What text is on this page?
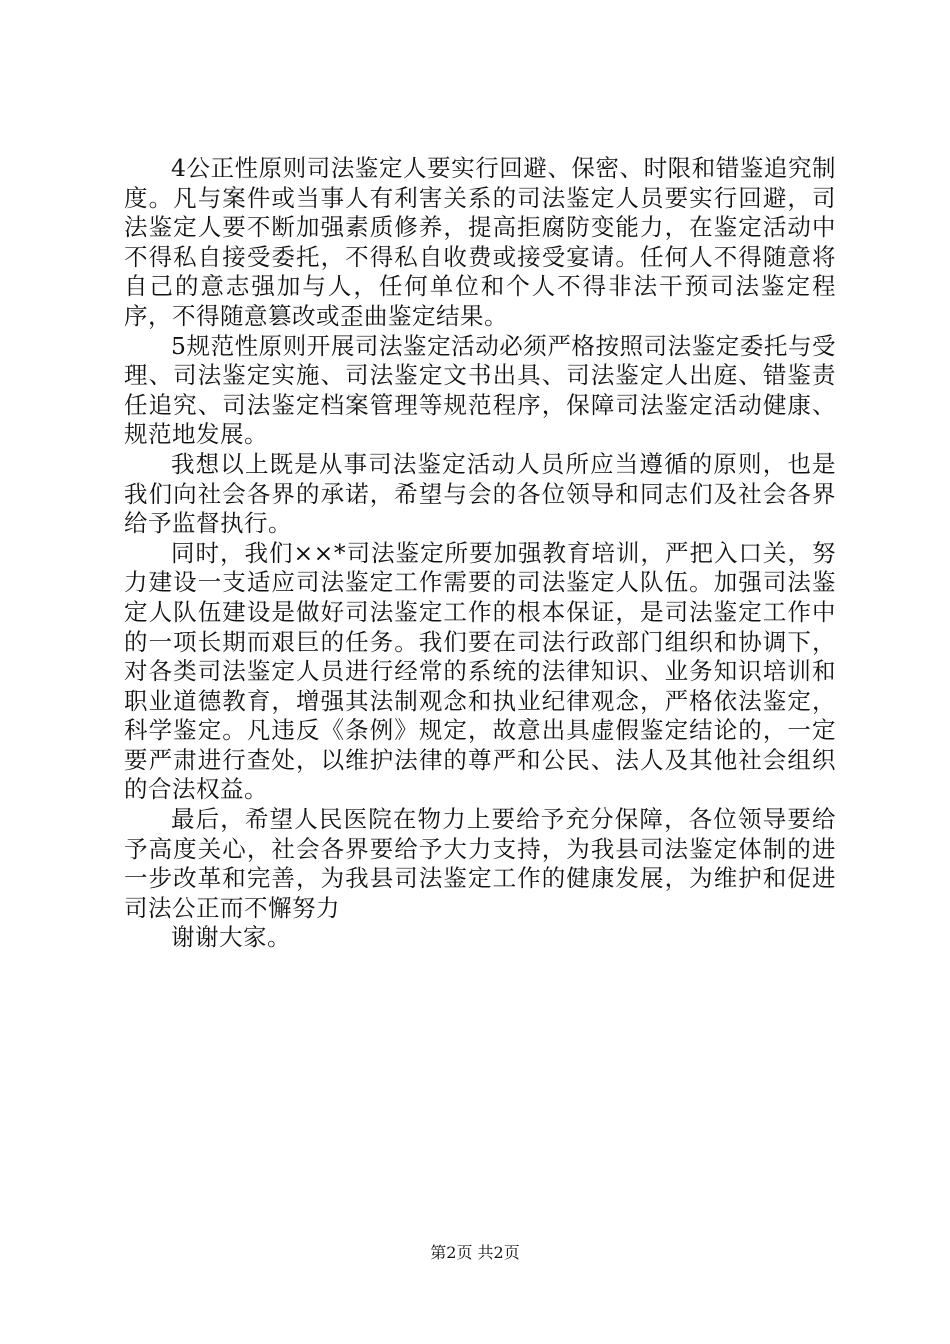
4公正性原则司法鉴定人要实行回避、保密、时限和错鉴追究制度。凡与案件或当事人有利害关系的司法鉴定人员要实行回避，司法鉴定人要不断加强素质修养，提高拒腐防变能力，在鉴定活动中不得私自接受委托，不得私自收费或接受宴请。任何人不得随意将自己的意志强加与人，任何单位和个人不得非法干预司法鉴定程序，不得随意篡改或歪曲鉴定结果。

5规范性原则开展司法鉴定活动必须严格按照司法鉴定委托与受理、司法鉴定实施、司法鉴定文书出具、司法鉴定人出庭、错鉴责任追究、司法鉴定档案管理等规范程序，保障司法鉴定活动健康、规范地发展。

我想以上既是从事司法鉴定活动人员所应当遵循的原则，也是我们向社会各界的承诺，希望与会的各位领导和同志们及社会各界给予监督执行。

同时，我们××*司法鉴定所要加强教育培训，严把入口关，努力建设一支适应司法鉴定工作需要的司法鉴定人队伍。加强司法鉴定人队伍建设是做好司法鉴定工作的根本保证，是司法鉴定工作中的一项长期而艰巨的任务。我们要在司法行政部门组织和协调下，对各类司法鉴定人员进行经常的系统的法律知识、业务知识培训和职业道德教育，增强其法制观念和执业纪律观念，严格依法鉴定，科学鉴定。凡违反《条例》规定，故意出具虚假鉴定结论的，一定要严肃进行查处，以维护法律的尊严和公民、法人及其他社会组织的合法权益。

最后，希望人民医院在物力上要给予充分保障，各位领导要给予高度关心，社会各界要给予大力支持，为我县司法鉴定体制的进一步改革和完善，为我县司法鉴定工作的健康发展，为维护和促进司法公正而不懈努力

谢谢大家。

第2页 共2页
